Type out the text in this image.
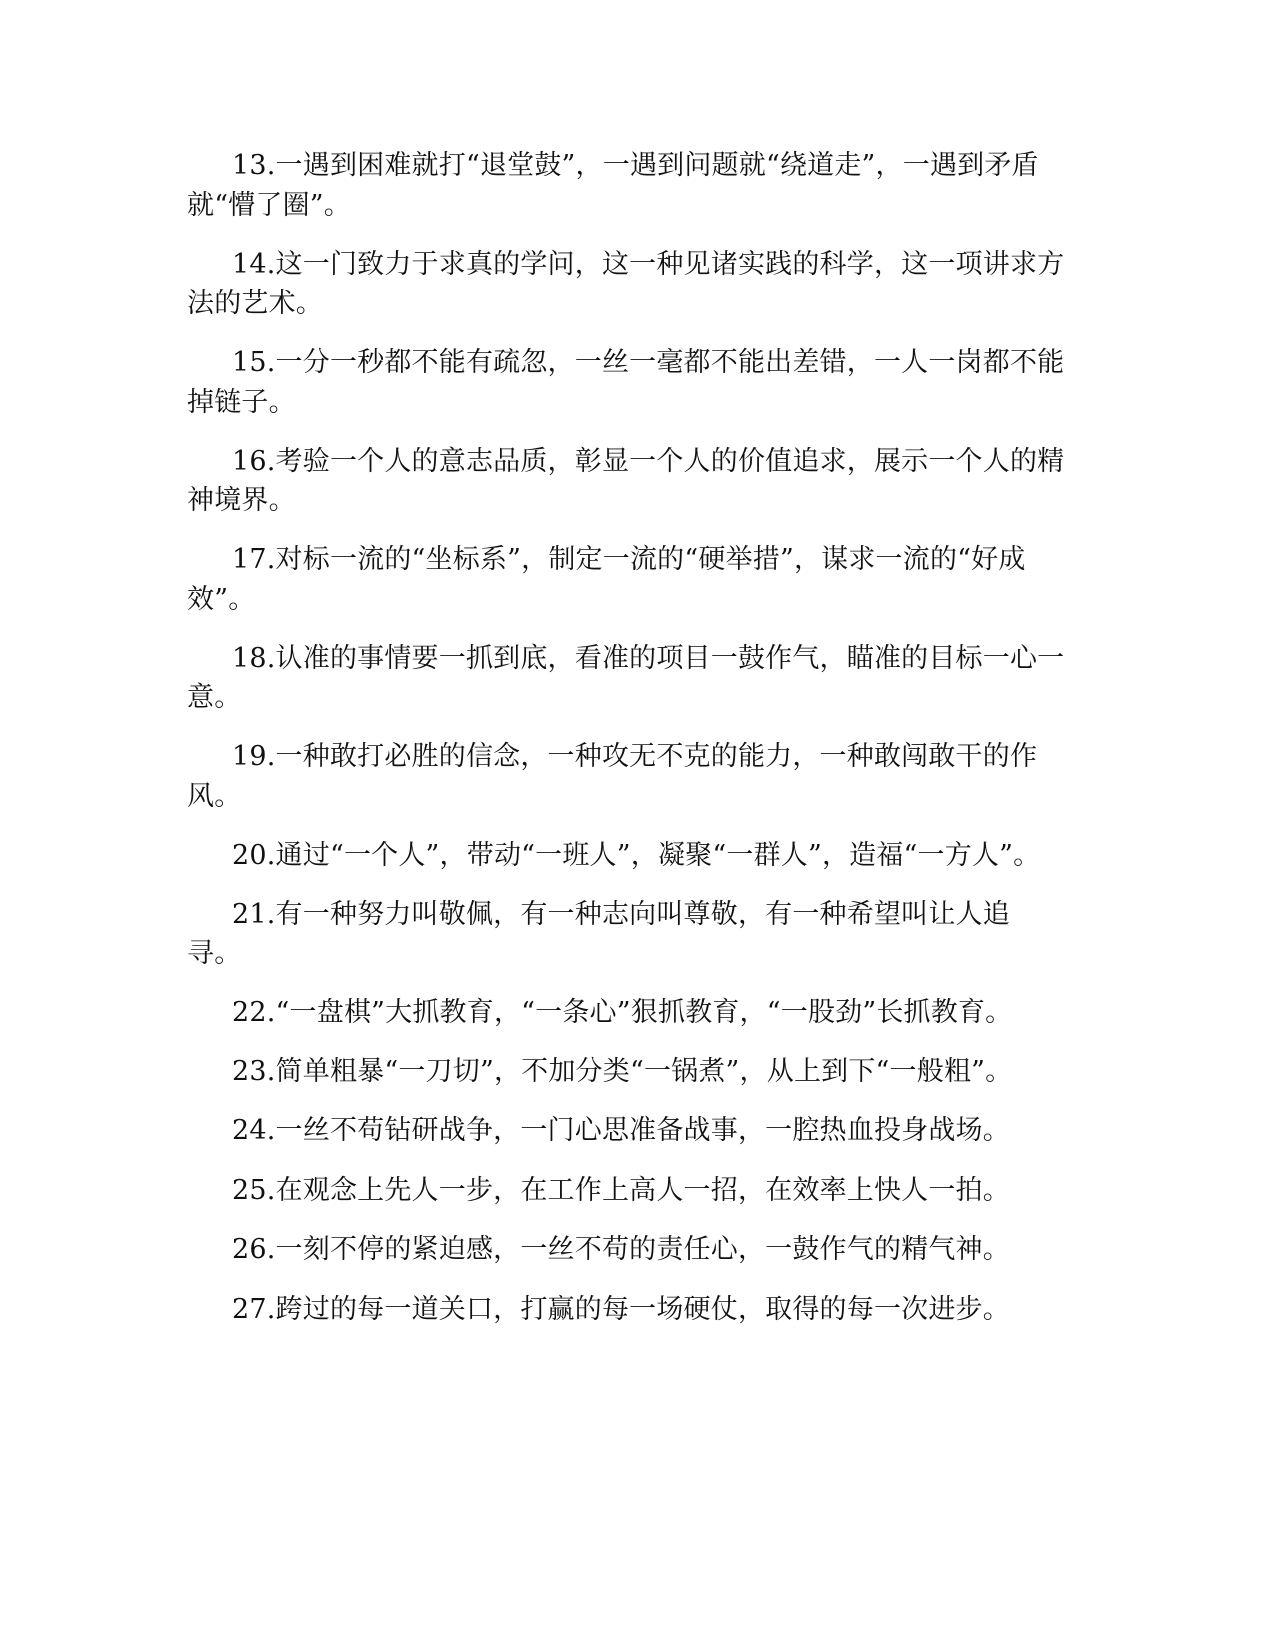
13.一遇到困难就打“退堂鼓”，一遇到问题就“绕道走”，一遇到矛盾就“懵了圈”。

14.这一门致力于求真的学问，这一种见诸实践的科学，这一项讲求方法的艺术。

15.一分一秒都不能有疏忽，一丝一毫都不能出差错，一人一岗都不能掉链子。

16.考验一个人的意志品质，彰显一个人的价值追求，展示一个人的精神境界。

17.对标一流的“坐标系”，制定一流的“硬举措”，谋求一流的“好成效”。

18.认准的事情要一抓到底，看准的项目一鼓作气，瞄准的目标一心一意。

19.一种敢打必胜的信念，一种攻无不克的能力，一种敢闯敢干的作风。

20.通过“一个人”，带动“一班人”，凝聚“一群人”，造福“一方人”。

21.有一种努力叫敬佩，有一种志向叫尊敬，有一种希望叫让人追寻。

22.“一盘棋”大抓教育，“一条心”狠抓教育，“一股劲”长抓教育。

23.简单粗暴“一刀切”，不加分类“一锅煮”，从上到下“一般粗”。

24.一丝不苟钻研战争，一门心思准备战事，一腔热血投身战场。

25.在观念上先人一步，在工作上高人一招，在效率上快人一拍。

26.一刻不停的紧迫感，一丝不苟的责任心，一鼓作气的精气神。

27.跨过的每一道关口，打赢的每一场硬仗，取得的每一次进步。
